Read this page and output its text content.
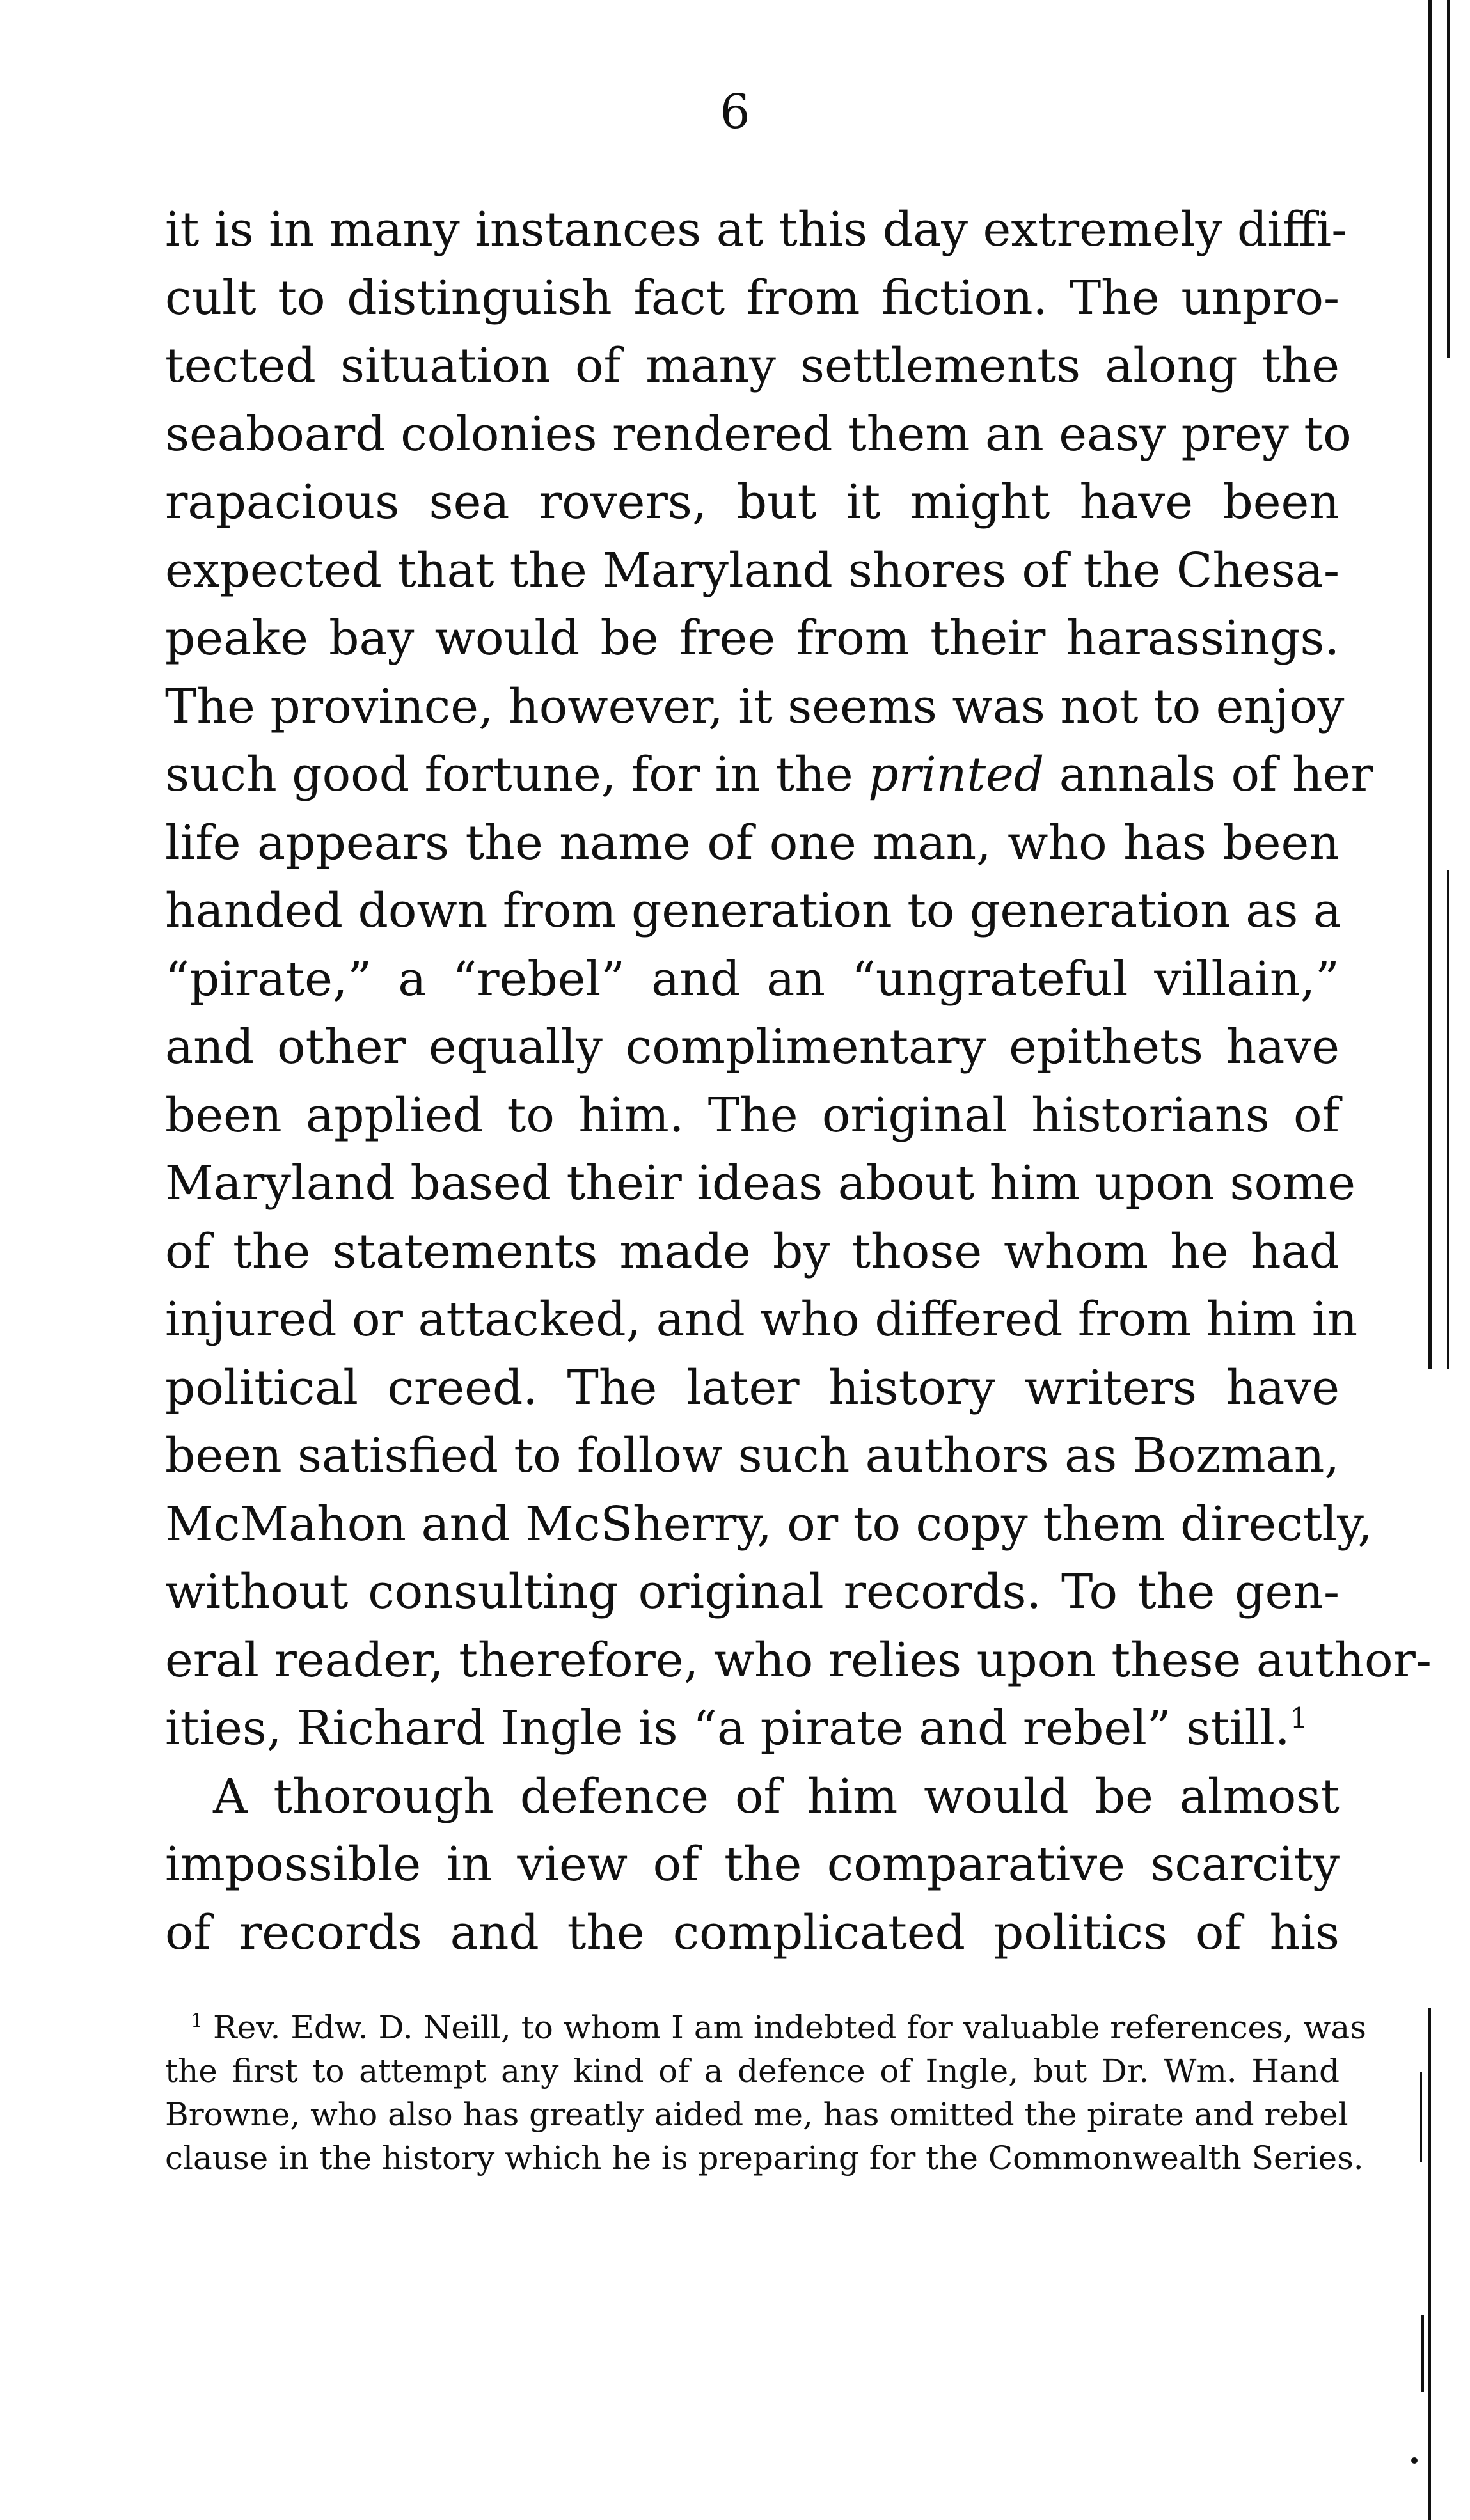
6
it is in many instances at this day extremely diffi-
cult to distinguish fact from fiction. The unpro-
tected situation of many settlements along the
seaboard colonies rendered them an easy prey to
rapacious sea rovers, but it might have been
expected that the Maryland shores of the Chesa-
peake bay would be free from their harassings.
The province, however, it seems was not to enjoy
such good fortune, for in the printed annals of her
life appears the name of one man, who has been
handed down from generation to generation as a
“pirate,” a “rebel” and an “ungrateful villain,”
and other equally complimentary epithets have
been applied to him. The original historians of
Maryland based their ideas about him upon some
of the statements made by those whom he had
injured or attacked, and who differed from him in
political creed. The later history writers have
been satisfied to follow such authors as Bozman,
McMahon and McSherry, or to copy them directly,
without consulting original records. To the gen-
eral reader, therefore, who relies upon these author-
ities, Richard Ingle is “a pirate and rebel” still.$^1$
A thorough defence of him would be almost
impossible in view of the comparative scarcity
of records and the complicated politics of his
$^1$ Rev. Edw. D. Neill, to whom I am indebted for valuable references, was
the first to attempt any kind of a defence of Ingle, but Dr. Wm. Hand
Browne, who also has greatly aided me, has omitted the pirate and rebel
clause in the history which he is preparing for the Commonwealth Series.
